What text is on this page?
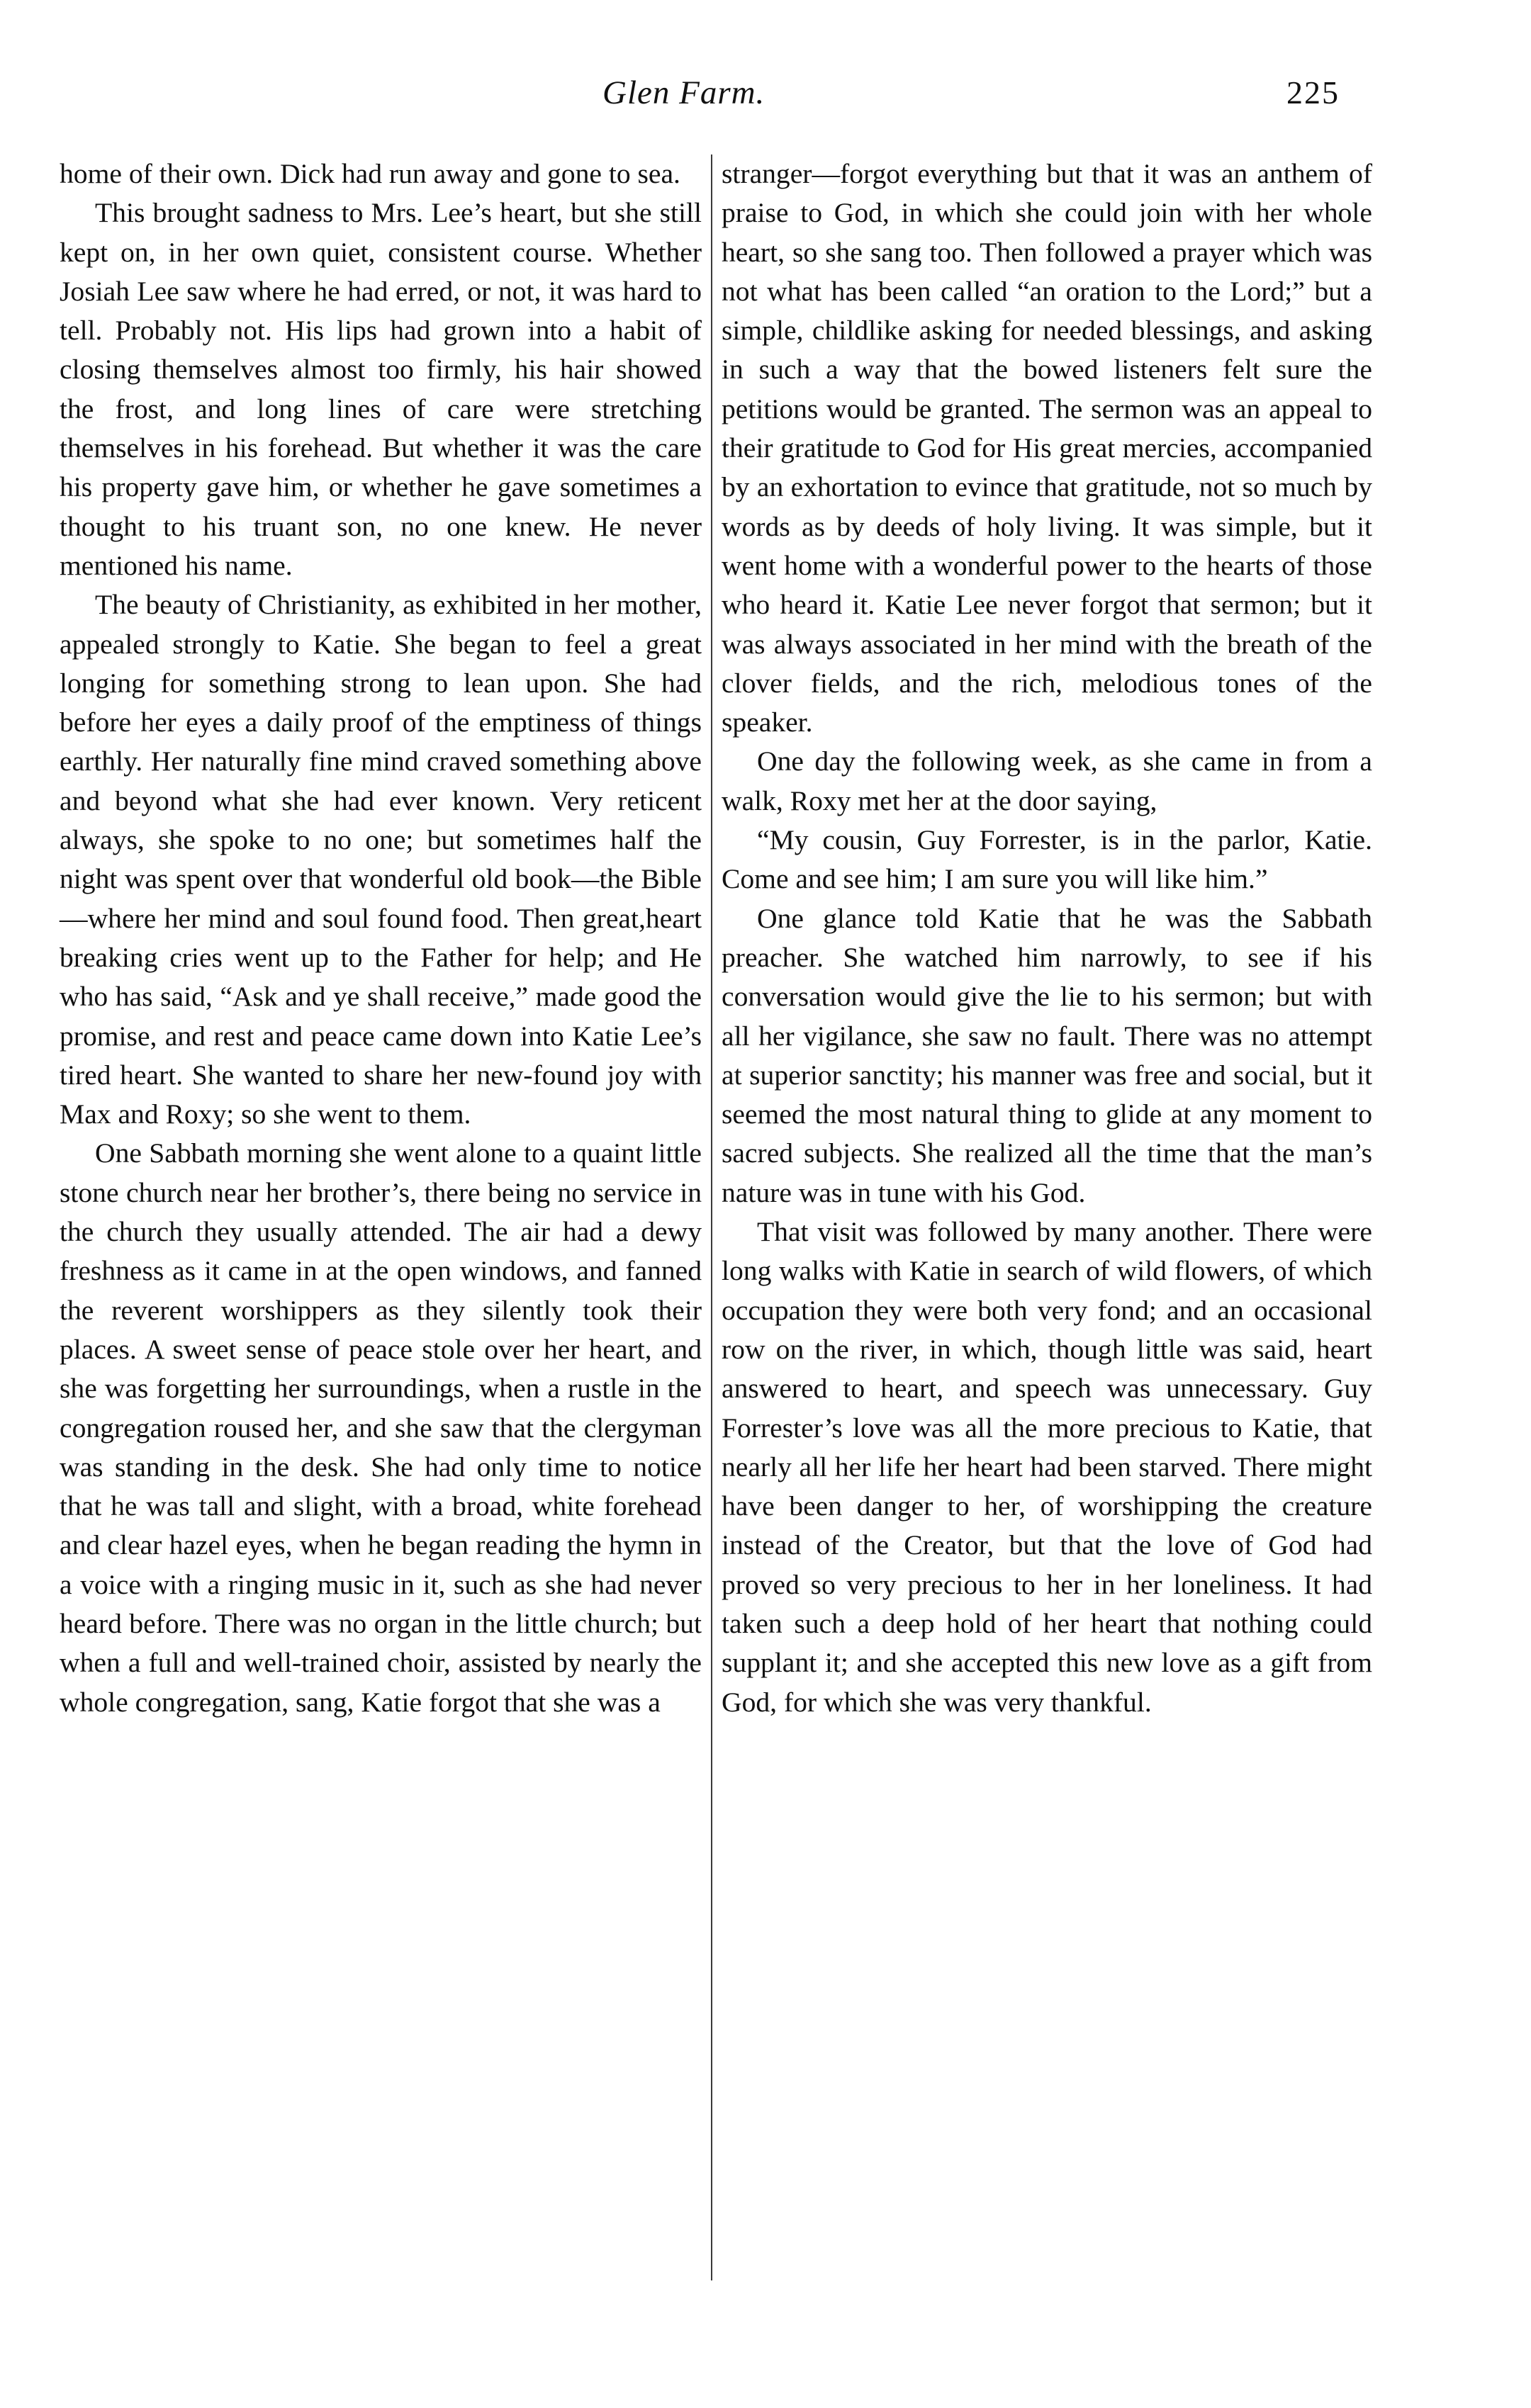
Glen Farm.	225

home of their own. Dick had run away and gone to sea.

This brought sadness to Mrs. Lee’s heart, but she still kept on, in her own quiet, consistent course. Whether Josiah Lee saw where he had erred, or not, it was hard to tell. Probably not. His lips had grown into a habit of closing themselves almost too firmly, his hair showed the frost, and long lines of care were stretching themselves in his forehead. But whether it was the care his property gave him, or whether he gave sometimes a thought to his truant son, no one knew. He never mentioned his name.

The beauty of Christianity, as exhibited in her mother, appealed strongly to Katie. She began to feel a great longing for something strong to lean upon. She had before her eyes a daily proof of the emptiness of things earthly. Her naturally fine mind craved something above and beyond what she had ever known. Very reticent always, she spoke to no one; but sometimes half the night was spent over that wonderful old book—the Bible—where her mind and soul found food. Then great,heart breaking cries went up to the Father for help; and He who has said, “Ask and ye shall receive,” made good the promise, and rest and peace came down into Katie Lee’s tired heart. She wanted to share her new-found joy with Max and Roxy; so she went to them.

One Sabbath morning she went alone to a quaint little stone church near her brother’s, there being no service in the church they usually attended. The air had a dewy freshness as it came in at the open windows, and fanned the reverent worshippers as they silently took their places. A sweet sense of peace stole over her heart, and she was forgetting her surroundings, when a rustle in the congregation roused her, and she saw that the clergyman was standing in the desk. She had only time to notice that he was tall and slight, with a broad, white forehead and clear hazel eyes, when he began reading the hymn in a voice with a ringing music in it, such as she had never heard before. There was no organ in the little church; but when a full and well-trained choir, assisted by nearly the whole congregation, sang, Katie forgot that she was a

stranger—forgot everything but that it was an anthem of praise to God, in which she could join with her whole heart, so she sang too. Then followed a prayer which was not what has been called “an oration to the Lord;” but a simple, childlike asking for needed blessings, and asking in such a way that the bowed listeners felt sure the petitions would be granted. The sermon was an appeal to their gratitude to God for His great mercies, accompanied by an exhortation to evince that gratitude, not so much by words as by deeds of holy living. It was simple, but it went home with a wonderful power to the hearts of those who heard it. Katie Lee never forgot that sermon; but it was always associated in her mind with the breath of the clover fields, and the rich, melodious tones of the speaker.

One day the following week, as she came in from a walk, Roxy met her at the door saying,

“My cousin, Guy Forrester, is in the parlor, Katie. Come and see him; I am sure you will like him.”

One glance told Katie that he was the Sabbath preacher. She watched him narrowly, to see if his conversation would give the lie to his sermon; but with all her vigilance, she saw no fault. There was no attempt at superior sanctity; his manner was free and social, but it seemed the most natural thing to glide at any moment to sacred subjects. She realized all the time that the man’s nature was in tune with his God.

That visit was followed by many another. There were long walks with Katie in search of wild flowers, of which occupation they were both very fond; and an occasional row on the river, in which, though little was said, heart answered to heart, and speech was unnecessary. Guy Forrester’s love was all the more precious to Katie, that nearly all her life her heart had been starved. There might have been danger to her, of worshipping the creature instead of the Creator, but that the love of God had proved so very precious to her in her loneliness. It had taken such a deep hold of her heart that nothing could supplant it; and she accepted this new love as a gift from God, for which she was very thankful.
